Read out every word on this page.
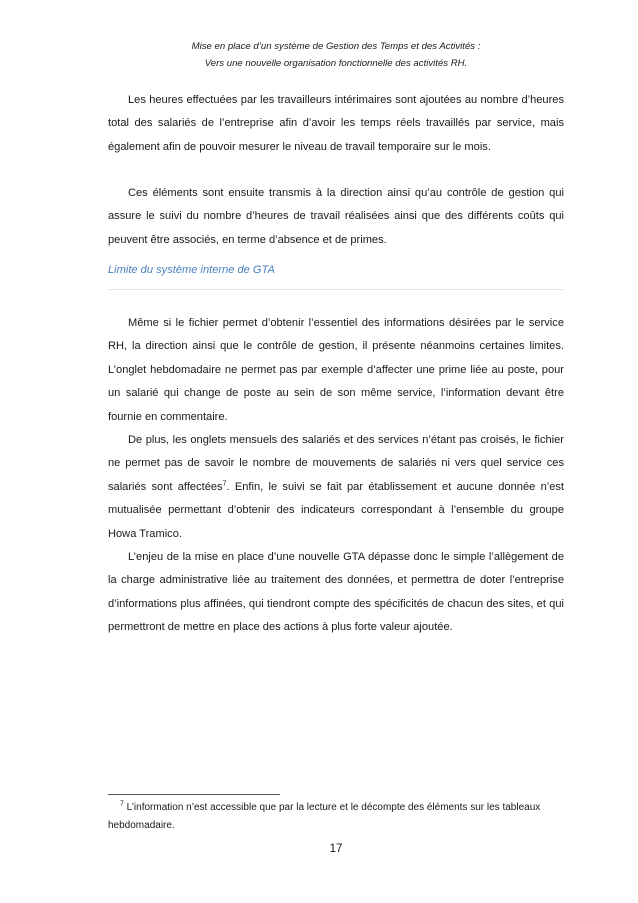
Mise en place d’un système de Gestion des Temps et des Activités :
Vers une nouvelle organisation fonctionnelle des activités RH.

Les heures effectuées par les travailleurs intérimaires sont ajoutées au nombre d’heures total des salariés de l’entreprise afin d’avoir les temps réels travaillés par service, mais également afin de pouvoir mesurer le niveau de travail temporaire sur le mois.

Ces éléments sont ensuite transmis à la direction ainsi qu’au contrôle de gestion qui assure le suivi du nombre d’heures de travail réalisées ainsi que des différents coûts qui peuvent être associés, en terme d’absence et de primes.

Limite du système interne de GTA

Même si le fichier permet d’obtenir l’essentiel des informations désirées par le service RH, la direction ainsi que le contrôle de gestion, il présente néanmoins certaines limites. L’onglet hebdomadaire ne permet pas par exemple d’affecter une prime liée au poste, pour un salarié qui change de poste au sein de son même service, l’information devant être fournie en commentaire.

De plus, les onglets mensuels des salariés et des services n’étant pas croisés, le fichier ne permet pas de savoir le nombre de mouvements de salariés ni vers quel service ces salariés sont affectées$^7$. Enfin, le suivi se fait par établissement et aucune donnée n’est mutualisée permettant d’obtenir des indicateurs correspondant à l’ensemble du groupe Howa Tramico.

L’enjeu de la mise en place d’une nouvelle GTA dépasse donc le simple l’allègement de la charge administrative liée au traitement des données, et permettra de doter l’entreprise d’informations plus affinées, qui tiendront compte des spécificités de chacun des sites, et qui permettront de mettre en place des actions à plus forte valeur ajoutée.

$^7$ L’information n’est accessible que par la lecture et le décompte des éléments sur les tableaux hebdomadaire.
17
